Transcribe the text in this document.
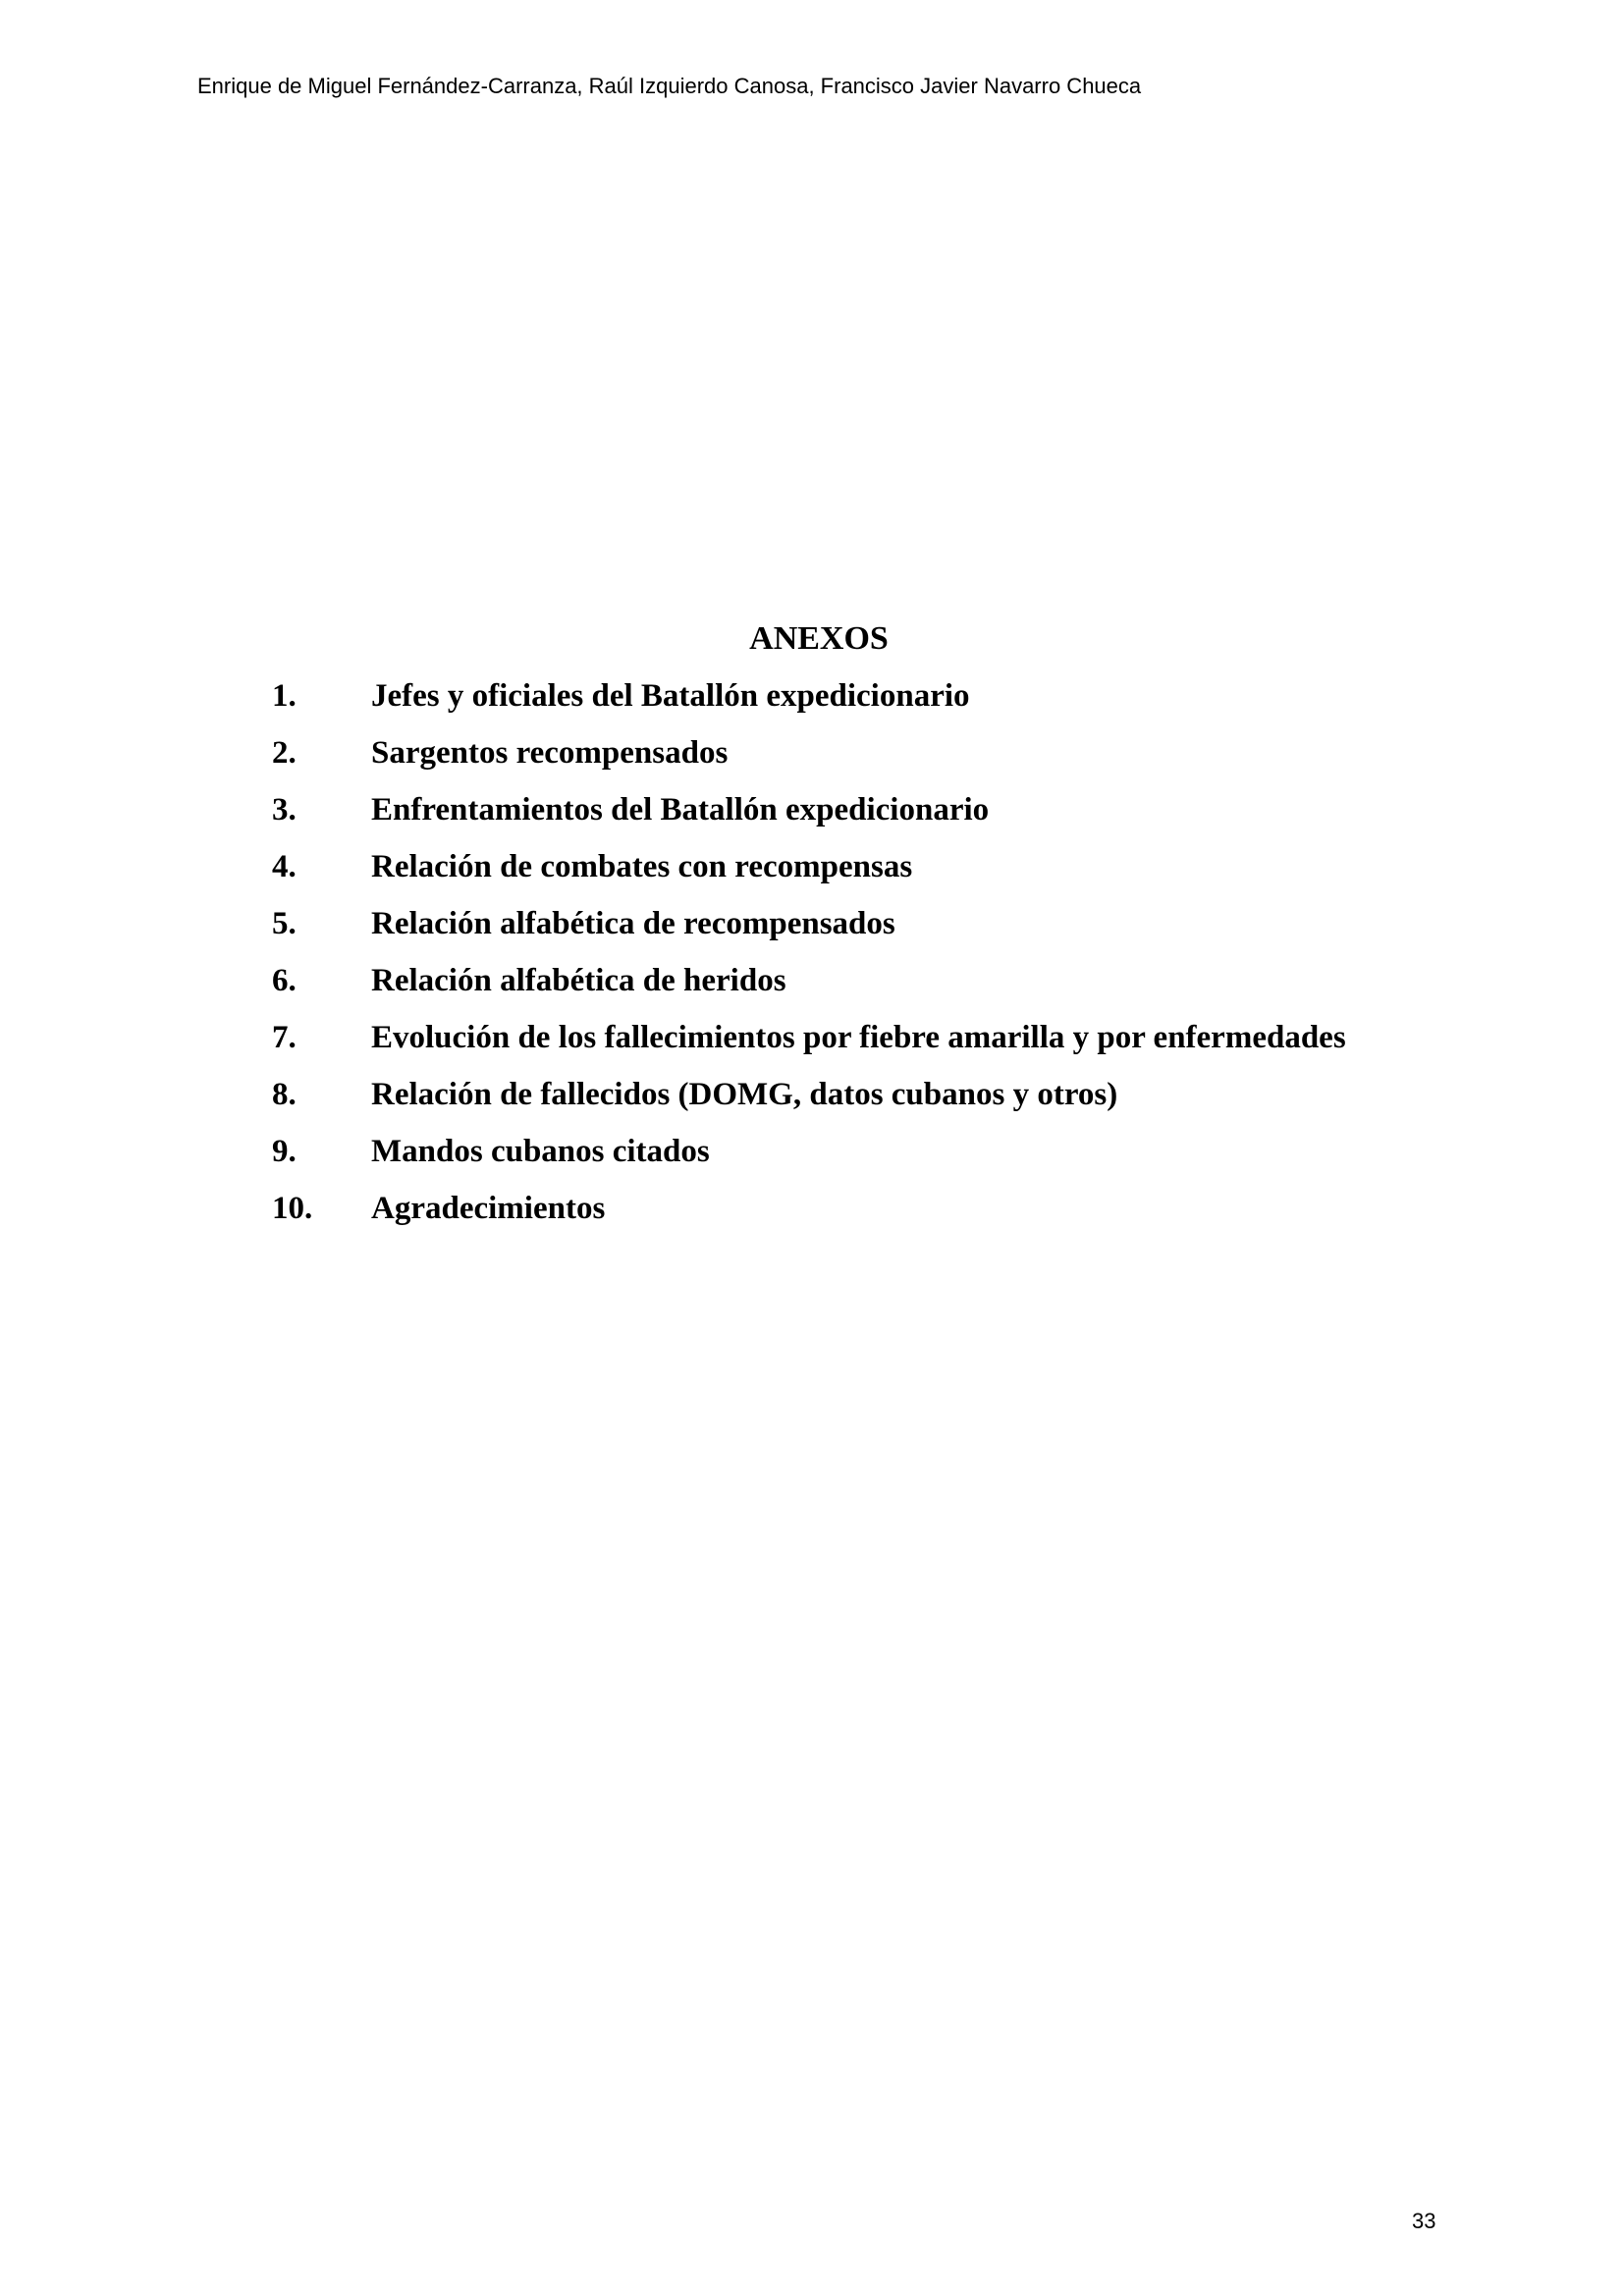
Enrique de Miguel Fernández-Carranza, Raúl Izquierdo Canosa, Francisco Javier Navarro Chueca
ANEXOS
1.	Jefes y oficiales del Batallón expedicionario
2.	Sargentos recompensados
3.	Enfrentamientos del Batallón expedicionario
4.	Relación de combates con recompensas
5.	Relación alfabética de recompensados
6.	Relación alfabética de heridos
7.	Evolución de los fallecimientos por fiebre amarilla y por enfermedades
8.	Relación de fallecidos (DOMG, datos cubanos y otros)
9.	Mandos cubanos citados
10.	Agradecimientos
33
